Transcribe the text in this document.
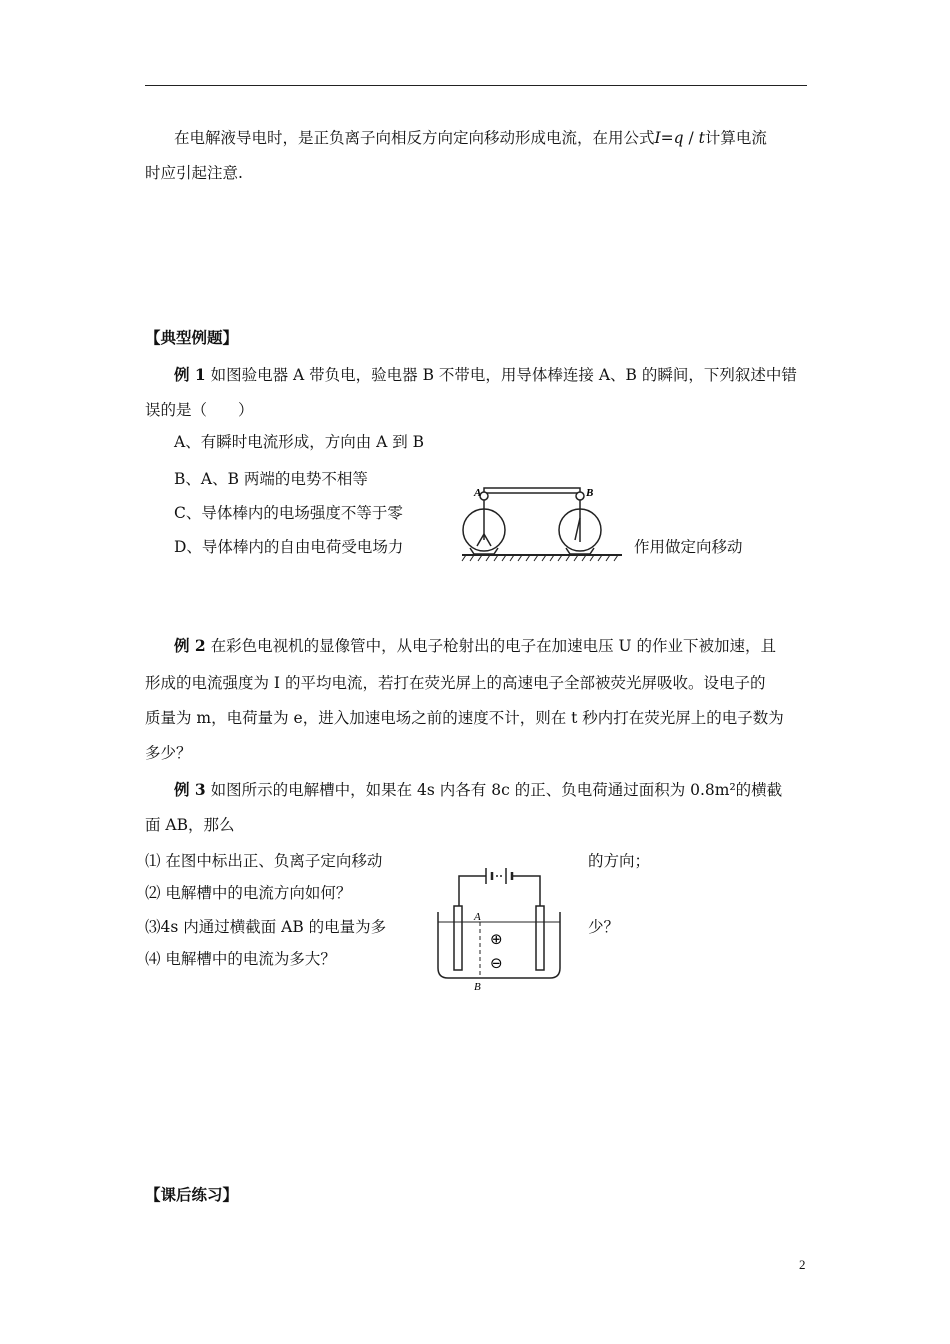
在电解液导电时，是正负离子向相反方向定向移动形成电流，在用公式I=q / t计算电流
时应引起注意.
【典型例题】
例 1 如图验电器 A 带负电，验电器 B 不带电，用导体棒连接 A、B 的瞬间，下列叙述中错
误的是（　　）
A、有瞬时电流形成，方向由 A 到 B
B、A、B 两端的电势不相等
C、导体棒内的电场强度不等于零
D、导体棒内的自由电荷受电场力	作用做定向移动
A	B
例 2 在彩色电视机的显像管中，从电子枪射出的电子在加速电压 U 的作业下被加速，且
形成的电流强度为 I 的平均电流，若打在荧光屏上的高速电子全部被荧光屏吸收。设电子的
质量为 m，电荷量为 e，进入加速电场之前的速度不计，则在 t 秒内打在荧光屏上的电子数为
多少？
例 3 如图所示的电解槽中，如果在 4s 内各有 8c 的正、负电荷通过面积为 0.8m²的横截
面 AB，那么
⑴ 在图中标出正、负离子定向移动	的方向；
⑵ 电解槽中的电流方向如何？
⑶4s 内通过横截面 AB 的电量为多	少？
⑷ 电解槽中的电流为多大？
A
B
⊕
⊖
【课后练习】
2
